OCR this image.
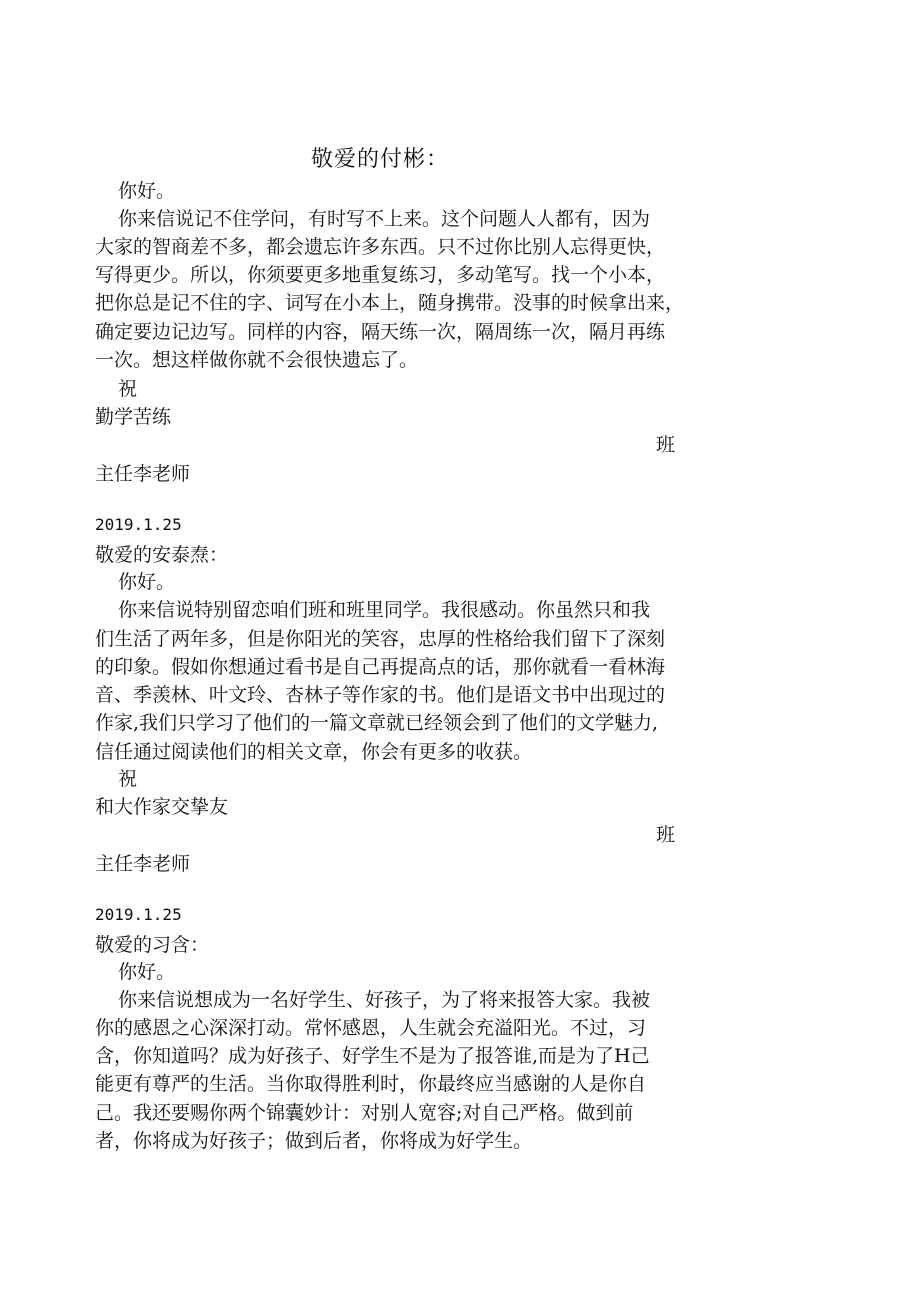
敬爱的付彬：
你好。
你来信说记不住学问，有时写不上来。这个问题人人都有，因为
大家的智商差不多，都会遗忘许多东西。只不过你比别人忘得更快，
写得更少。所以，你须要更多地重复练习，多动笔写。找一个小本，
把你总是记不住的字、词写在小本上，随身携带。没事的时候拿出来，
确定要边记边写。同样的内容，隔天练一次，隔周练一次，隔月再练
一次。想这样做你就不会很快遗忘了。
祝
勤学苦练
班
主任李老师
2019.1.25
敬爱的安泰焘：
你好。
你来信说特别留恋咱们班和班里同学。我很感动。你虽然只和我
们生活了两年多，但是你阳光的笑容，忠厚的性格给我们留下了深刻
的印象。假如你想通过看书是自己再提高点的话，那你就看一看林海
音、季羡林、叶文玲、杏林子等作家的书。他们是语文书中出现过的
作家,我们只学习了他们的一篇文章就已经领会到了他们的文学魅力,
信任通过阅读他们的相关文章，你会有更多的收获。
祝
和大作家交挚友
班
主任李老师
2019.1.25
敬爱的习含：
你好。
你来信说想成为一名好学生、好孩子，为了将来报答大家。我被
你的感恩之心深深打动。常怀感恩，人生就会充溢阳光。不过，习
含，你知道吗？成为好孩子、好学生不是为了报答谁,而是为了H己
能更有尊严的生活。当你取得胜利时，你最终应当感谢的人是你自
己。我还要赐你两个锦囊妙计：对别人宽容;对自己严格。做到前
者，你将成为好孩子；做到后者，你将成为好学生。
